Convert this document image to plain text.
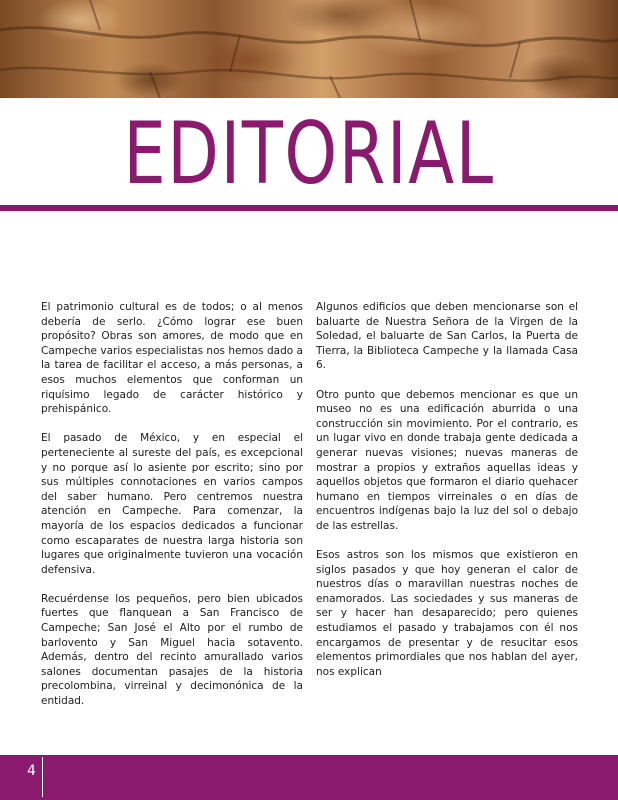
EDITORIAL

El patrimonio cultural es de todos; o al menos debería de serlo. ¿Cómo lograr ese buen propósito? Obras son amores, de modo que en Campeche varios especialistas nos hemos dado a la tarea de facilitar el acceso, a más personas, a esos muchos elementos que conforman un riquísimo legado de carácter histórico y prehispánico.

El pasado de México, y en especial el perteneciente al sureste del país, es excepcional y no porque así lo asiente por escrito; sino por sus múltiples connotaciones en varios campos del saber humano. Pero centremos nuestra atención en Campeche. Para comenzar, la mayoría de los espacios dedicados a funcionar como escaparates de nuestra larga historia son lugares que originalmente tuvieron una vocación defensiva.

Recuérdense los pequeños, pero bien ubicados fuertes que flanquean a San Francisco de Campeche; San José el Alto por el rumbo de barlovento y San Miguel hacia sotavento. Además, dentro del recinto amurallado varios salones documentan pasajes de la historia precolombina, virreinal y decimonónica de la entidad.

Algunos edificios que deben mencionarse son el baluarte de Nuestra Señora de la Virgen de la Soledad, el baluarte de San Carlos, la Puerta de Tierra, la Biblioteca Campeche y la llamada Casa 6.

Otro punto que debemos mencionar es que un museo no es una edificación aburrida o una construcción sin movimiento. Por el contrario, es un lugar vivo en donde trabaja gente dedicada a generar nuevas visiones; nuevas maneras de mostrar a propios y extraños aquellas ideas y aquellos objetos que formaron el diario quehacer humano en tiempos virreinales o en días de encuentros indígenas bajo la luz del sol o debajo de las estrellas.

Esos astros son los mismos que existieron en siglos pasados y que hoy generan el calor de nuestros días o maravillan nuestras noches de enamorados. Las sociedades y sus maneras de ser y hacer han desaparecido; pero quienes estudiamos el pasado y trabajamos con él nos encargamos de presentar y de resucitar esos elementos primordiales que nos hablan del ayer, nos explican

4
